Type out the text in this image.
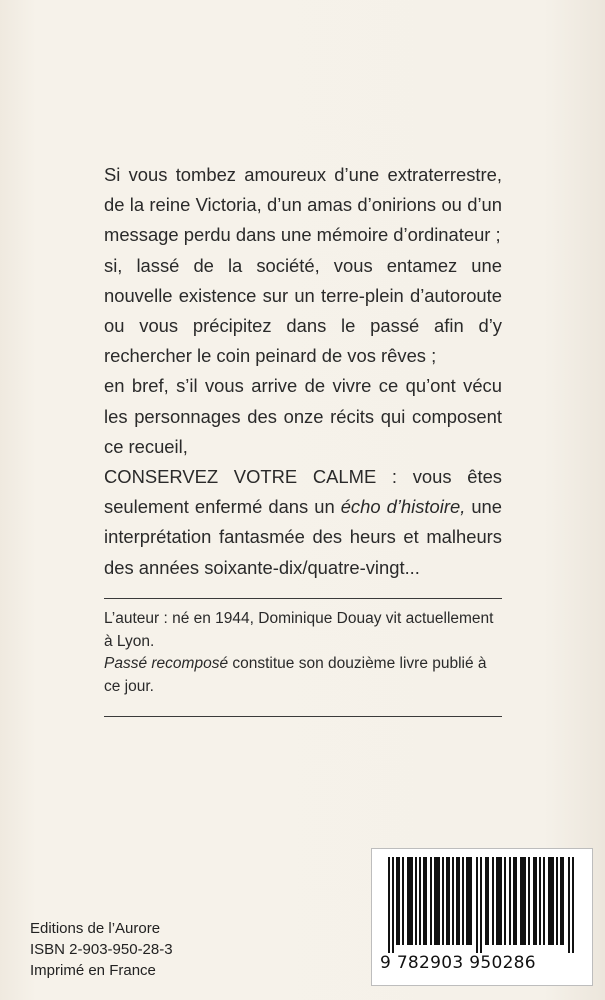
Si vous tombez amoureux d’une extraterrestre, de la reine Victoria, d’un amas d’onirions ou d’un message perdu dans une mémoire d’ordinateur ;

si, lassé de la société, vous entamez une nouvelle existence sur un terre-plein d’autoroute ou vous précipitez dans le passé afin d’y rechercher le coin peinard de vos rêves ;

en bref, s’il vous arrive de vivre ce qu’ont vécu les personnages des onze récits qui composent ce recueil,

CONSERVEZ VOTRE CALME : vous êtes seulement enfermé dans un écho d’histoire, une interprétation fantasmée des heurs et malheurs des années soixante-dix/quatre-vingt...

L’auteur : né en 1944, Dominique Douay vit actuellement à Lyon.

Passé recomposé constitue son douzième livre publié à ce jour.

Editions de l’Aurore
ISBN 2-903-950-28-3
Imprimé en France	9 782903 950286
